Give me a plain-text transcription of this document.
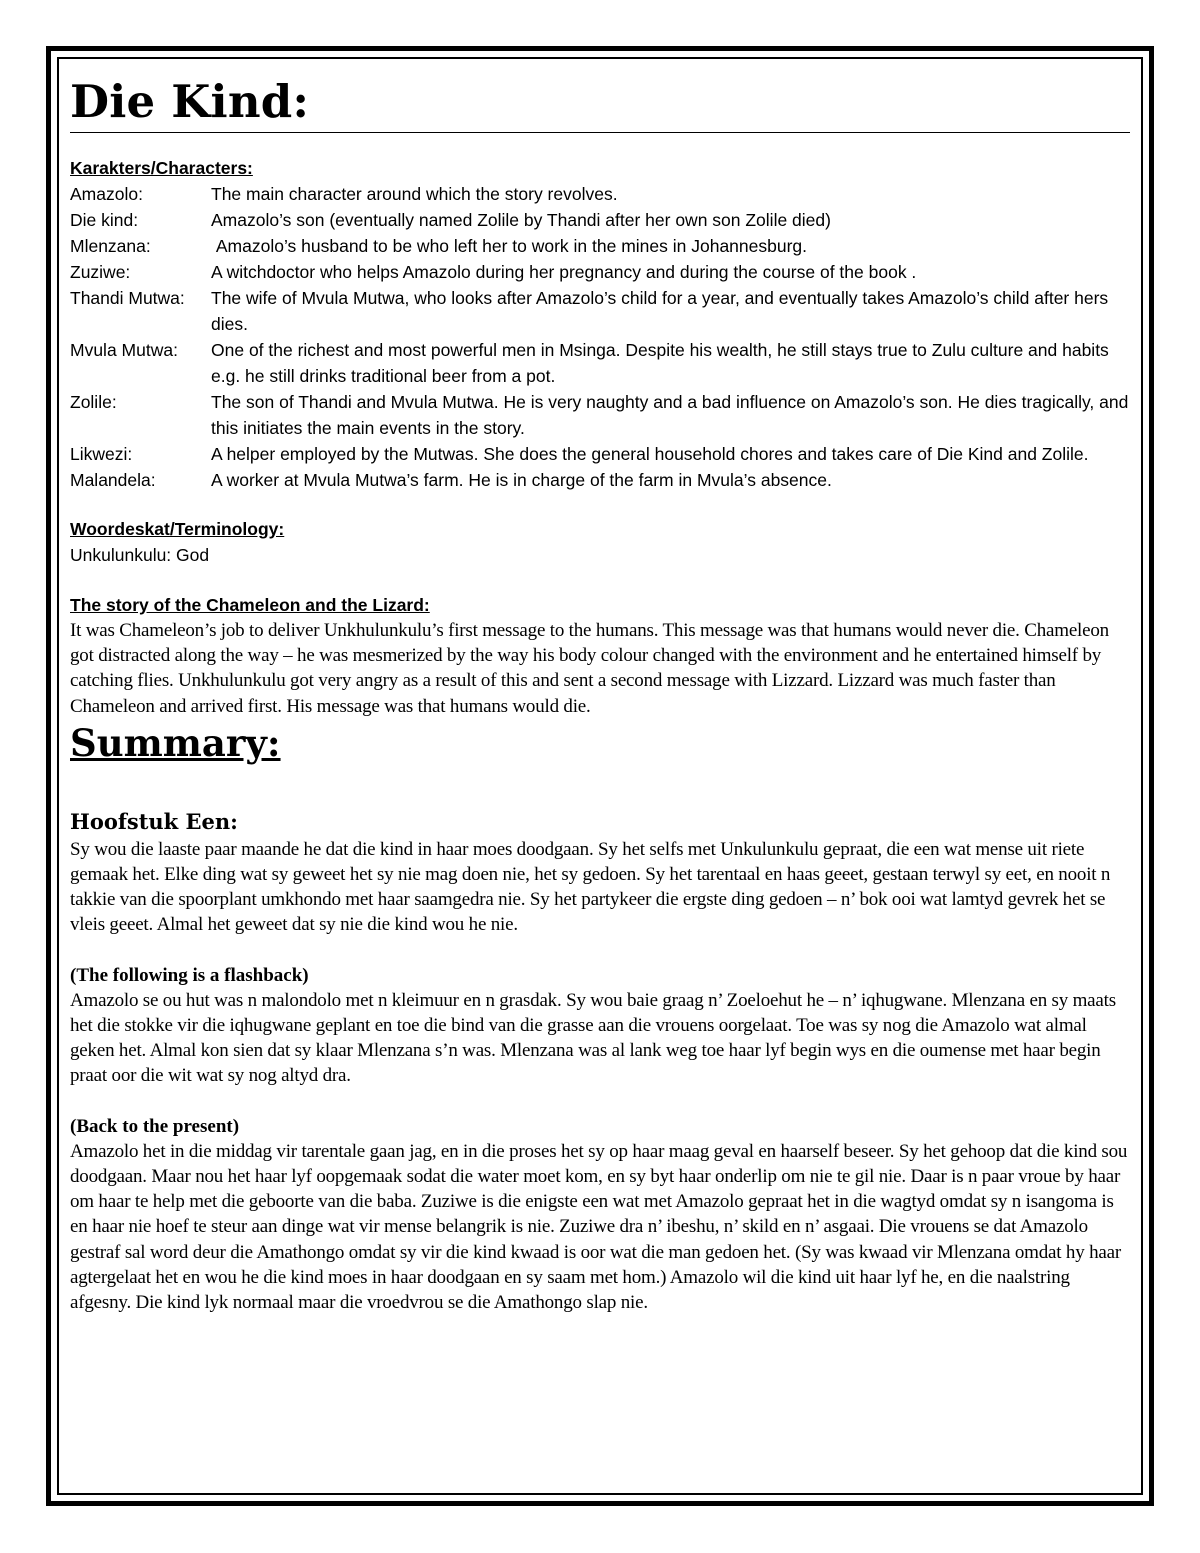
Die Kind:
Karakters/Characters:
Amazolo:	The main character around which the story revolves.
Die kind:	Amazolo’s son (eventually named Zolile by Thandi after her own son Zolile died)
Mlenzana:	Amazolo’s husband to be who left her to work in the mines in Johannesburg.
Zuziwe:	A witchdoctor who helps Amazolo during her pregnancy and during the course of the book .
Thandi Mutwa:	The wife of Mvula Mutwa, who looks after Amazolo’s child for a year, and eventually takes Amazolo’s child after hers dies.
Mvula Mutwa:	One of the richest and most powerful men in Msinga. Despite his wealth, he still stays true to Zulu culture and habits e.g. he still drinks traditional beer from a pot.
Zolile:	The son of Thandi and Mvula Mutwa. He is very naughty and a bad influence on Amazolo’s son. He dies tragically, and this initiates the main events in the story.
Likwezi:	A helper employed by the Mutwas. She does the general household chores and takes care of Die Kind and Zolile.
Malandela:	A worker at Mvula Mutwa’s farm. He is in charge of the farm in Mvula’s absence.
Woordeskat/Terminology:
Unkulunkulu: God
The story of the Chameleon and the Lizard:

It was Chameleon’s job to deliver Unkhulunkulu’s first message to the humans. This message was that humans would never die. Chameleon got distracted along the way – he was mesmerized by the way his body colour changed with the environment and he entertained himself by catching flies. Unkhulunkulu got very angry as a result of this and sent a second message with Lizzard. Lizzard was much faster than Chameleon and arrived first. His message was that humans would die.

Summary:
Hoofstuk Een:

Sy wou die laaste paar maande he dat die kind in haar moes doodgaan. Sy het selfs met Unkulunkulu gepraat, die een wat mense uit riete gemaak het. Elke ding wat sy geweet het sy nie mag doen nie, het sy gedoen. Sy het tarentaal en haas geeet, gestaan terwyl sy eet, en nooit n takkie van die spoorplant umkhondo met haar saamgedra nie. Sy het partykeer die ergste ding gedoen – n’ bok ooi wat lamtyd gevrek het se vleis geeet. Almal het geweet dat sy nie die kind wou he nie.

(The following is a flashback)

Amazolo se ou hut was n malondolo met n kleimuur en n grasdak. Sy wou baie graag n’ Zoeloehut he – n’ iqhugwane. Mlenzana en sy maats het die stokke vir die iqhugwane geplant en toe die bind van die grasse aan die vrouens oorgelaat. Toe was sy nog die Amazolo wat almal geken het. Almal kon sien dat sy klaar Mlenzana s’n was. Mlenzana was al lank weg toe haar lyf begin wys en die oumense met haar begin praat oor die wit wat sy nog altyd dra.

(Back to the present)

Amazolo het in die middag vir tarentale gaan jag, en in die proses het sy op haar maag geval en haarself beseer. Sy het gehoop dat die kind sou doodgaan. Maar nou het haar lyf oopgemaak sodat die water moet kom, en sy byt haar onderlip om nie te gil nie. Daar is n paar vroue by haar om haar te help met die geboorte van die baba. Zuziwe is die enigste een wat met Amazolo gepraat het in die wagtyd omdat sy n isangoma is en haar nie hoef te steur aan dinge wat vir mense belangrik is nie. Zuziwe dra n’ ibeshu, n’ skild en n’ asgaai. Die vrouens se dat Amazolo gestraf sal word deur die Amathongo omdat sy vir die kind kwaad is oor wat die man gedoen het. (Sy was kwaad vir Mlenzana omdat hy haar agtergelaat het en wou he die kind moes in haar doodgaan en sy saam met hom.) Amazolo wil die kind uit haar lyf he, en die naalstring afgesny. Die kind lyk normaal maar die vroedvrou se die Amathongo slap nie.
